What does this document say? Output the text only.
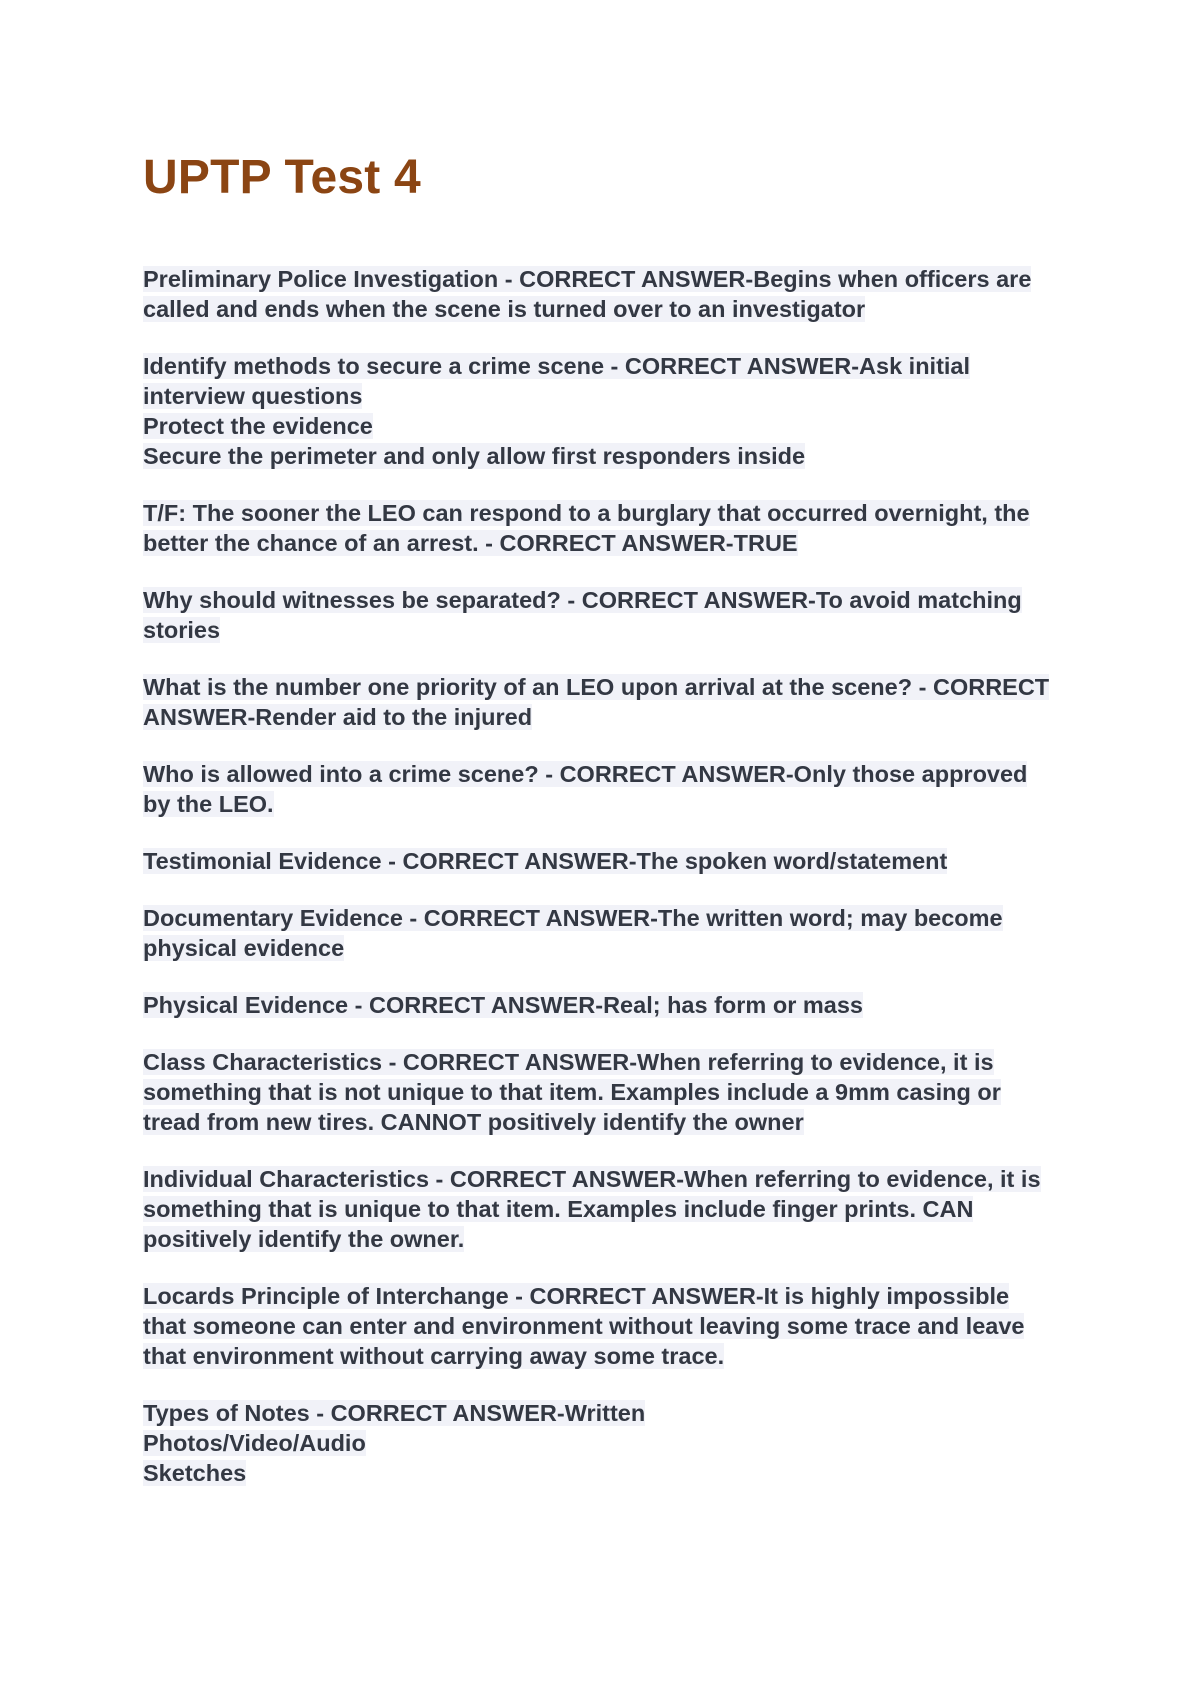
UPTP Test 4
Preliminary Police Investigation - CORRECT ANSWER-Begins when officers are
called and ends when the scene is turned over to an investigator
Identify methods to secure a crime scene - CORRECT ANSWER-Ask initial
interview questions
Protect the evidence
Secure the perimeter and only allow first responders inside
T/F: The sooner the LEO can respond to a burglary that occurred overnight, the
better the chance of an arrest. - CORRECT ANSWER-TRUE
Why should witnesses be separated? - CORRECT ANSWER-To avoid matching
stories
What is the number one priority of an LEO upon arrival at the scene? - CORRECT
ANSWER-Render aid to the injured
Who is allowed into a crime scene? - CORRECT ANSWER-Only those approved
by the LEO.
Testimonial Evidence - CORRECT ANSWER-The spoken word/statement
Documentary Evidence - CORRECT ANSWER-The written word; may become
physical evidence
Physical Evidence - CORRECT ANSWER-Real; has form or mass
Class Characteristics - CORRECT ANSWER-When referring to evidence, it is
something that is not unique to that item. Examples include a 9mm casing or
tread from new tires. CANNOT positively identify the owner
Individual Characteristics - CORRECT ANSWER-When referring to evidence, it is
something that is unique to that item. Examples include finger prints. CAN
positively identify the owner.
Locards Principle of Interchange - CORRECT ANSWER-It is highly impossible
that someone can enter and environment without leaving some trace and leave
that environment without carrying away some trace.
Types of Notes - CORRECT ANSWER-Written
Photos/Video/Audio
Sketches
